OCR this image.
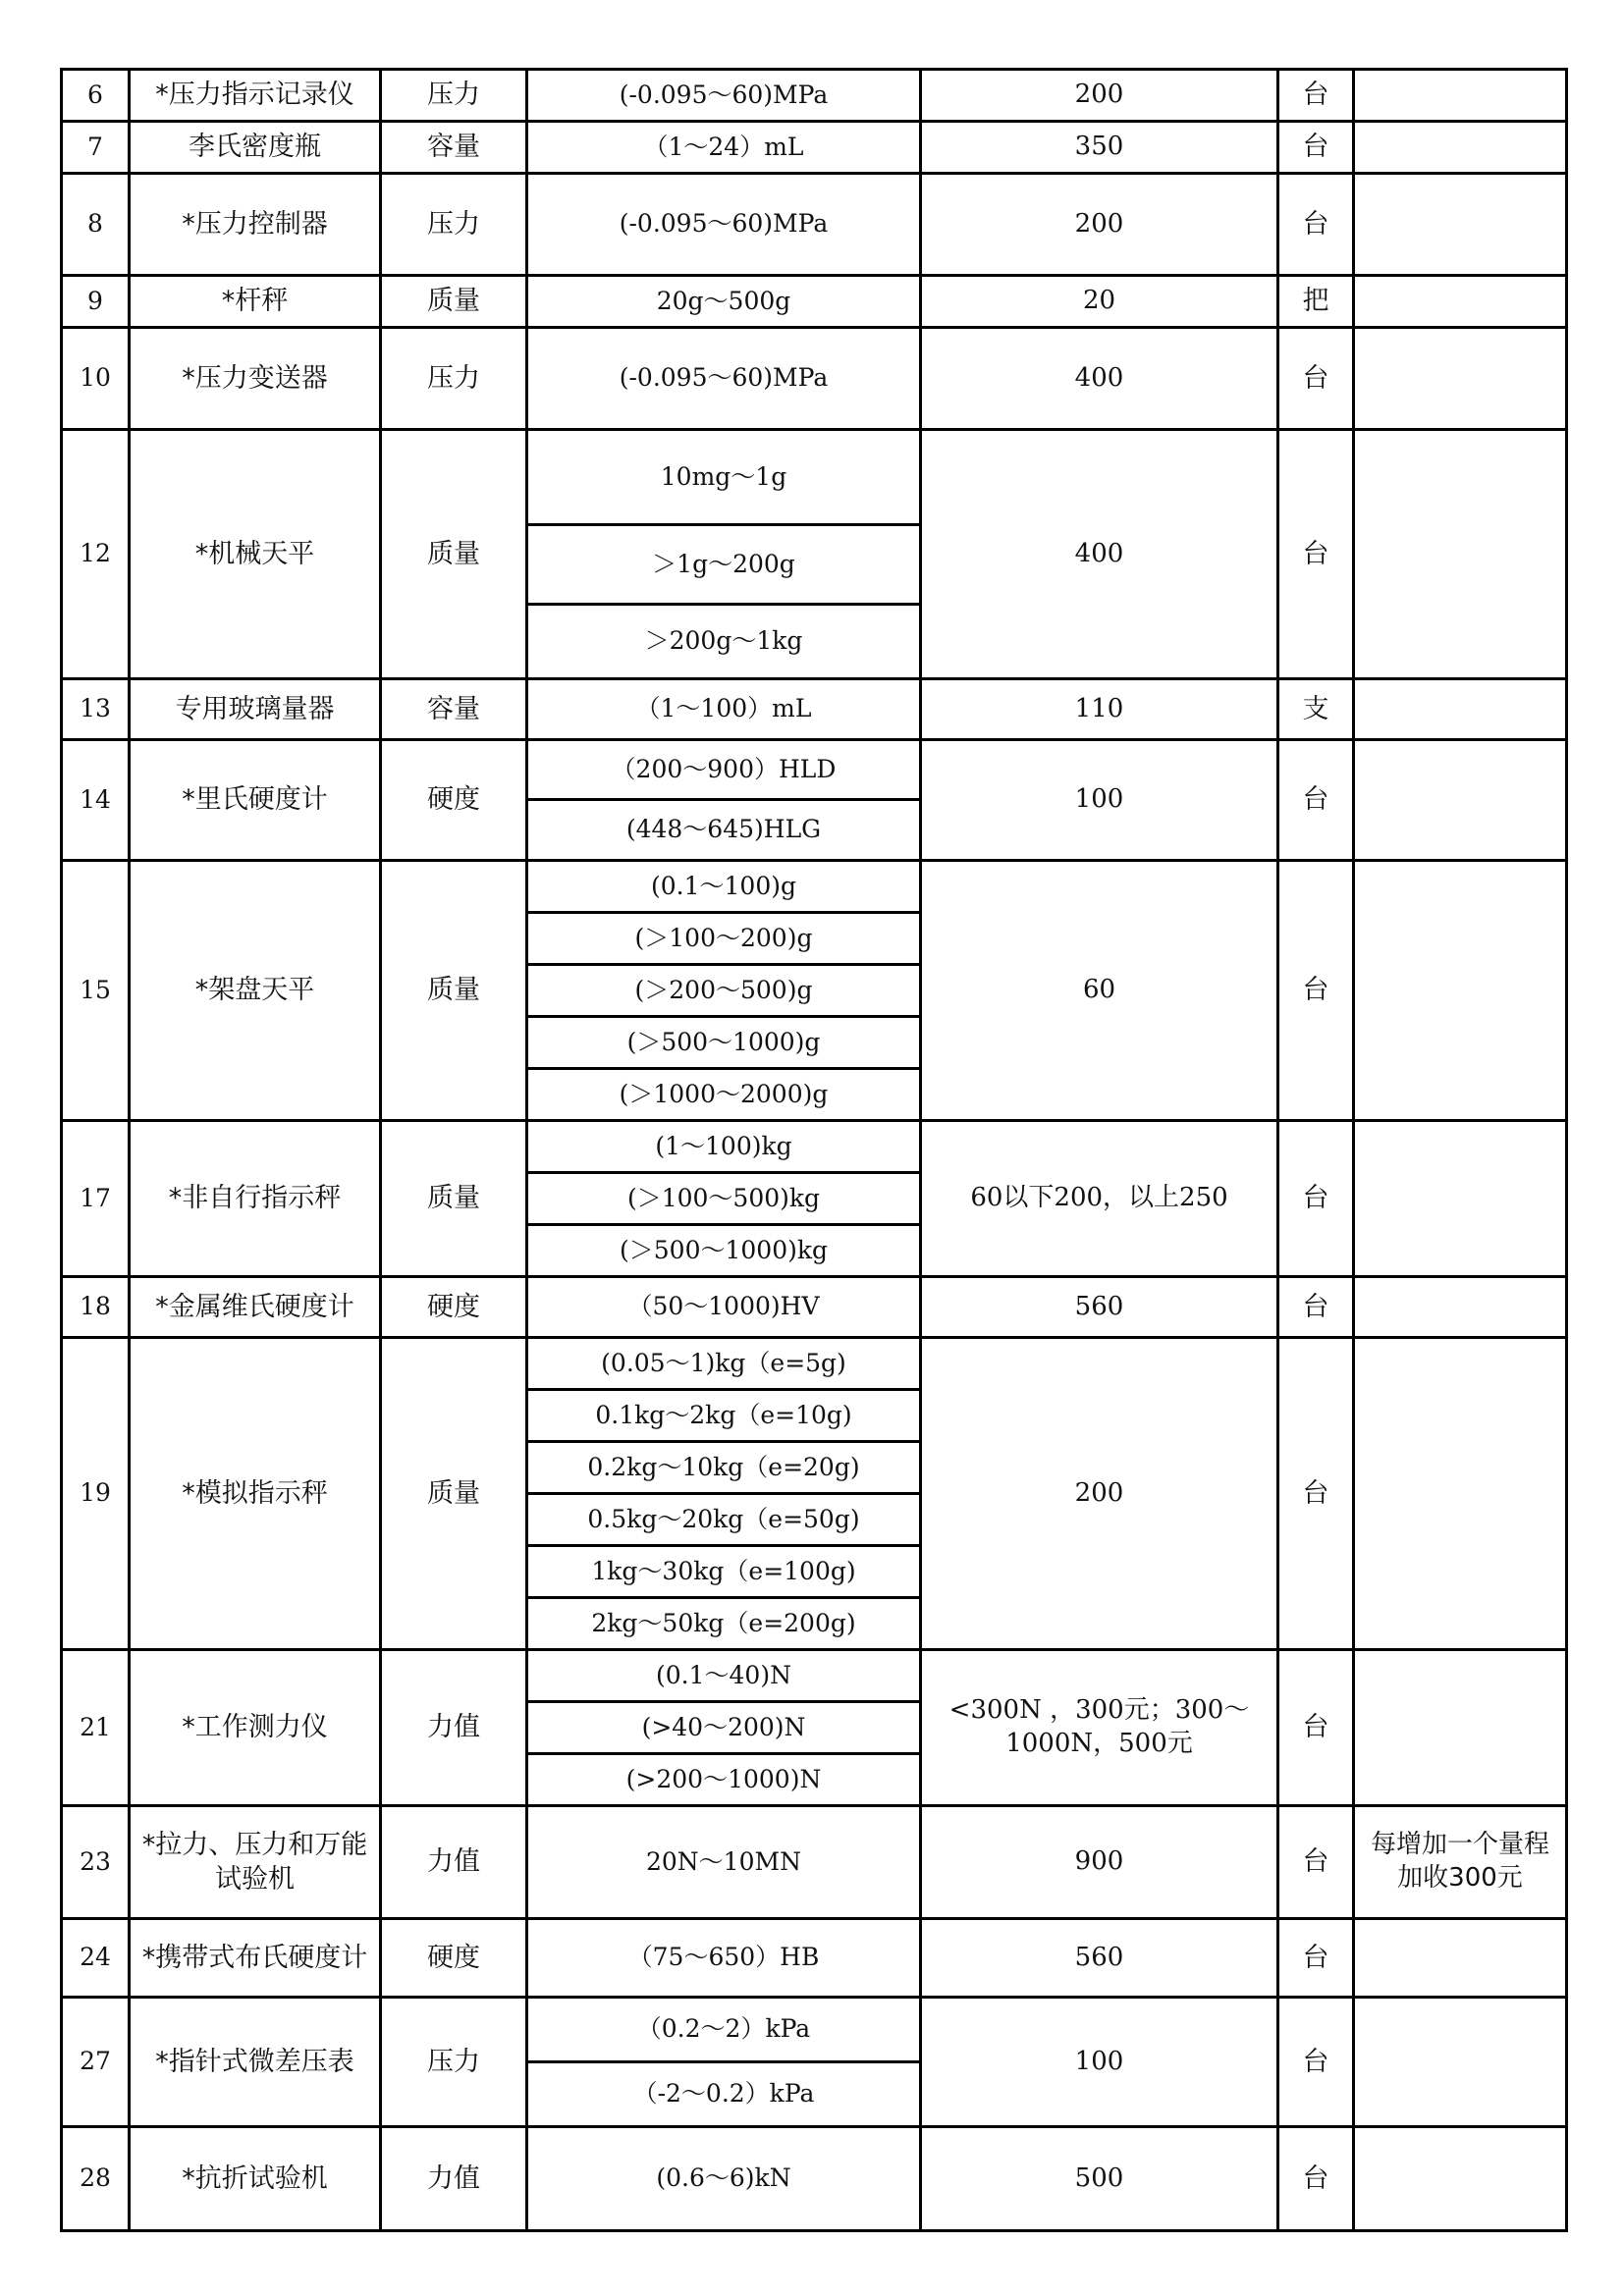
6	*压力指示记录仪	压力	(-0.095～60)MPa	200	台	
7	李氏密度瓶	容量	（1～24）mL	350	台	
8	*压力控制器	压力	(-0.095～60)MPa	200	台	
9	*杆秤	质量	20g～500g	20	把	
10	*压力变送器	压力	(-0.095～60)MPa	400	台	
12	*机械天平	质量	10mg～1g	400	台	
			＞1g～200g			
			＞200g～1kg			
13	专用玻璃量器	容量	（1～100）mL	110	支	
14	*里氏硬度计	硬度	（200～900）HLD	100	台	
			(448～645)HLG			
15	*架盘天平	质量	(0.1～100)g	60	台	
			(＞100～200)g			
			(＞200～500)g			
			(＞500～1000)g			
			(＞1000～2000)g			
17	*非自行指示秤	质量	(1～100)kg	60以下200，以上250	台	
			(＞100～500)kg			
			(＞500～1000)kg			
18	*金属维氏硬度计	硬度	（50～1000)HV	560	台	
19	*模拟指示秤	质量	(0.05～1)kg（e=5g)	200	台	
			0.1kg～2kg（e=10g)			
			0.2kg～10kg（e=20g)			
			0.5kg～20kg（e=50g)			
			1kg～30kg（e=100g)			
			2kg～50kg（e=200g)			
21	*工作测力仪	力值	(0.1～40)N	<300N ，300元；300～1000N，500元	台	
			(>40～200)N			
			(>200～1000)N			
23	*拉力、压力和万能试验机	力值	20N～10MN	900	台	每增加一个量程加收300元
24	*携带式布氏硬度计	硬度	（75～650）HB	560	台	
27	*指针式微差压表	压力	（0.2～2）kPa	100	台	
			（-2～0.2）kPa			
28	*抗折试验机	力值	(0.6～6)kN	500	台	
